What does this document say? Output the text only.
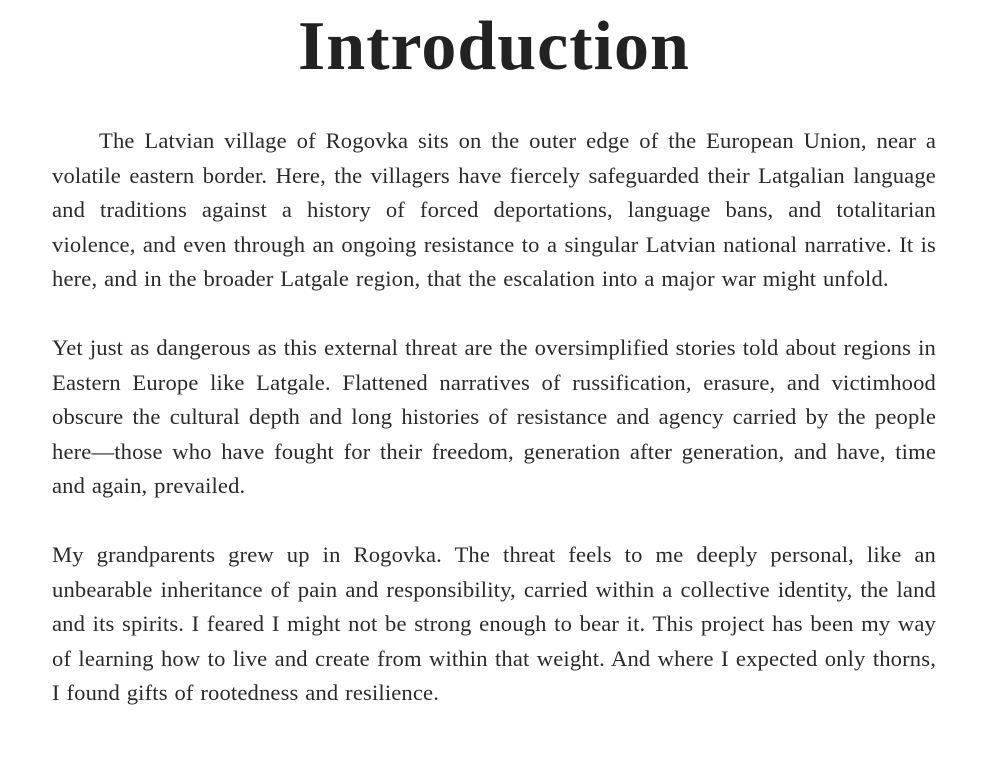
Introduction

The Latvian village of Rogovka sits on the outer edge of the European Union, near a volatile eastern border. Here, the villagers have fiercely safeguarded their Latgalian language and traditions against a history of forced deportations, language bans, and totalitarian violence, and even through an ongoing resistance to a singular Latvian national narrative. It is here, and in the broader Latgale region, that the escalation into a major war might unfold.

Yet just as dangerous as this external threat are the oversimplified stories told about regions in Eastern Europe like Latgale. Flattened narratives of russification, erasure, and victimhood obscure the cultural depth and long histories of resistance and agency carried by the people here—those who have fought for their freedom, generation after generation, and have, time and again, prevailed.

My grandparents grew up in Rogovka. The threat feels to me deeply personal, like an unbearable inheritance of pain and responsibility, carried within a collective identity, the land and its spirits. I feared I might not be strong enough to bear it. This project has been my way of learning how to live and create from within that weight. And where I expected only thorns, I found gifts of rootedness and resilience.
